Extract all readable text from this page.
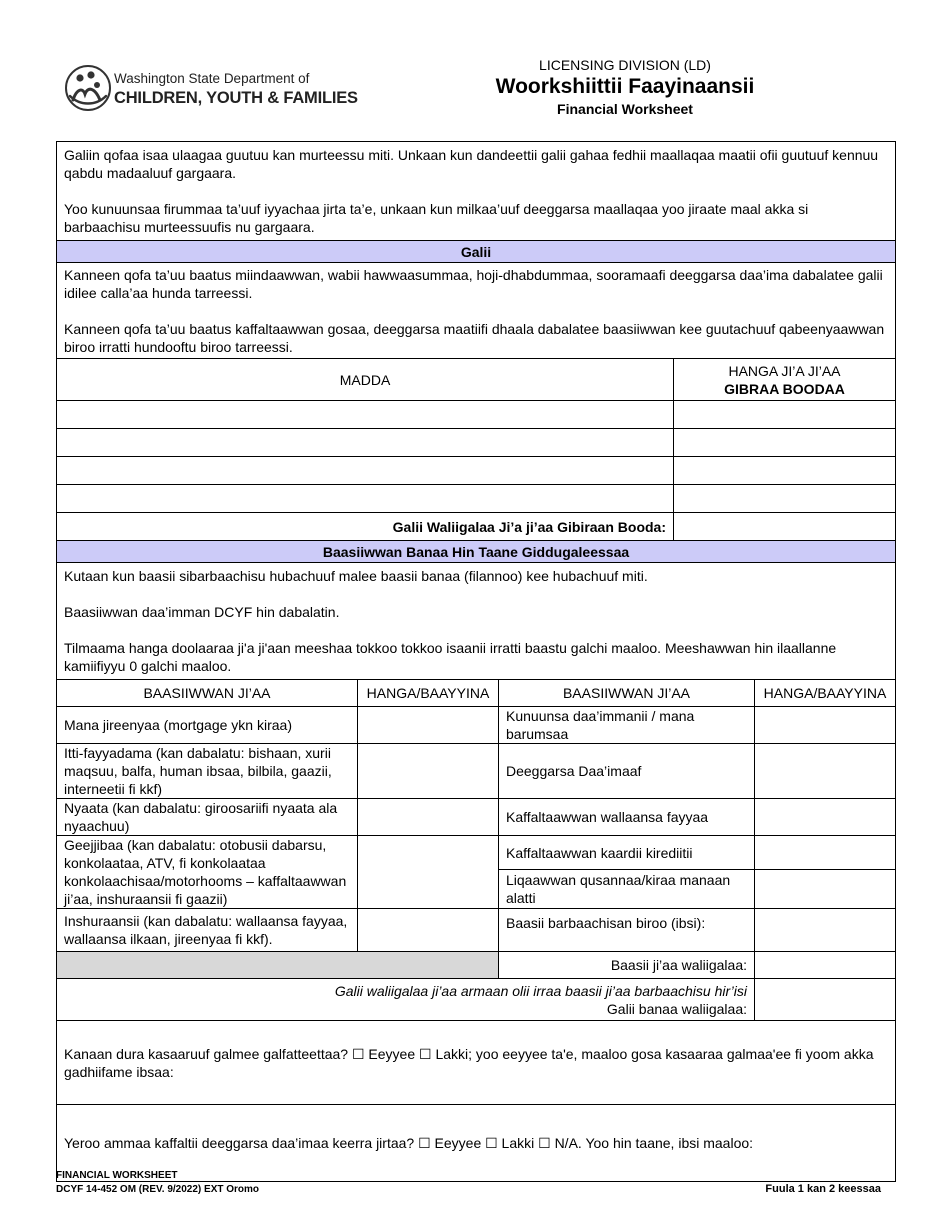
Washington State Department of
CHILDREN, YOUTH & FAMILIES
LICENSING DIVISION (LD)
Woorkshiittii Faayinaansii
Financial Worksheet

Galiin qofaa isaa ulaagaa guutuu kan murteessu miti. Unkaan kun dandeettii galii gahaa fedhii maallaqaa maatii ofii guutuuf kennuu qabdu madaaluuf gargaara.

Yoo kunuunsaa firummaa ta’uuf iyyachaa jirta ta’e, unkaan kun milkaa’uuf deeggarsa maallaqaa yoo jiraate maal akka si barbaachisu murteessuufis nu gargaara.				

Galii				

Kanneen qofa ta’uu baatus miindaawwan, wabii hawwaasummaa, hoji-dhabdummaa, sooramaafi deeggarsa daa’ima dabalatee galii idilee calla’aa hunda tarreessi.

Kanneen qofa ta’uu baatus kaffaltaawwan gosaa, deeggarsa maatiifi dhaala dabalatee baasiiwwan kee guutachuuf qabeenyaawwan biroo irratti hundooftu biroo tarreessi.				

MADDA			HANGA JI’A JI’AA
GIBRAA BOODAA	

Galii Waliigalaa Ji’a ji’aa Gibiraan Booda:				
Baasiiwwan Banaa Hin Taane Giddugaleessaa				

Kutaan kun baasii sibarbaachisu hubachuuf malee baasii banaa (filannoo) kee hubachuuf miti.

Baasiiwwan daa’imman DCYF hin dabalatin.

Tilmaama hanga doolaaraa ji'a ji'aan meeshaa tokkoo tokkoo isaanii irratti baastu galchi maaloo. Meeshawwan hin ilaallanne kamiifiyyu 0 galchi maaloo.				

BAASIIWWAN JI’AA	HANGA/BAAYYINA	BAASIIWWAN JI’AA		HANGA/BAAYYINA
Mana jireenyaa (mortgage ykn kiraa)		Kunuunsa daa’immanii / mana barumsaa		
Itti-fayyadama (kan dabalatu: bishaan, xurii maqsuu, balfa, human ibsaa, bilbila, gaazii, interneetii fi kkf)		Deeggarsa Daa’imaaf		
Nyaata (kan dabalatu: giroosariifi nyaata ala nyaachuu)		Kaffaltaawwan wallaansa fayyaa		
Geejjibaa (kan dabalatu: otobusii dabarsu, konkolaataa, ATV, fi konkolaataa konkolaachisaa/motorhooms – kaffaltaawwan ji’aa, inshuraansii fi gaazii)		Kaffaltaawwan kaardii kirediitii		
		Liqaawwan qusannaa/kiraa manaan alatti		
Inshuraansii (kan dabalatu: wallaansa fayyaa, wallaansa ilkaan, jireenyaa fi kkf).		Baasii barbaachisan biroo (ibsi):		
		Baasii ji’aa waliigalaa:		
Galii waliigalaa ji’aa armaan olii irraa baasii ji’aa barbaachisu hir’isi
Galii banaa waliigalaa:				
Kanaan dura kasaaruuf galmee galfatteettaa? ☐ Eeyyee ☐ Lakki; yoo eeyyee ta'e, maaloo gosa kasaaraa galmaa'ee fi yoom akka gadhiifame ibsaa:				
Yeroo ammaa kaffaltii deeggarsa daa’imaa keerra jirtaa? ☐ Eeyyee ☐ Lakki ☐ N/A. Yoo hin taane, ibsi maaloo:				
FINANCIAL WORKSHEET
DCYF 14-452 OM (REV. 9/2022) EXT Oromo	Fuula 1 kan 2 keessaa
